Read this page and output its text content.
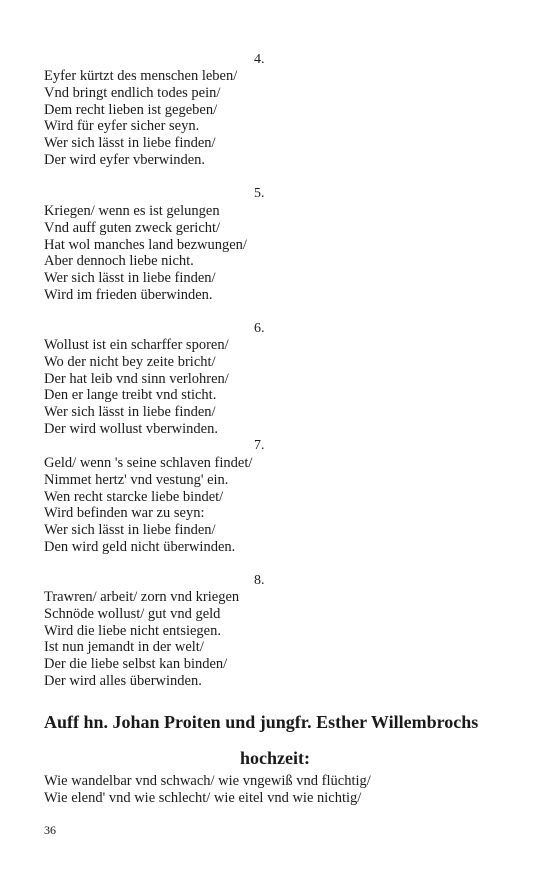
4.
Eyfer kürtzt des menschen leben/
Vnd bringt endlich todes pein/
Dem recht lieben ist gegeben/
Wird für eyfer sicher seyn.
Wer sich lässt in liebe finden/
Der wird eyfer vberwinden.
5.
Kriegen/ wenn es ist gelungen
Vnd auff guten zweck gericht/
Hat wol manches land bezwungen/
Aber dennoch liebe nicht.
Wer sich lässt in liebe finden/
Wird im frieden überwinden.
6.
Wollust ist ein scharffer sporen/
Wo der nicht bey zeite bricht/
Der hat leib vnd sinn verlohren/
Den er lange treibt vnd sticht.
Wer sich lässt in liebe finden/
Der wird wollust vberwinden.
7.
Geld/ wenn 's seine schlaven findet/
Nimmet hertz' vnd vestung' ein.
Wen recht starcke liebe bindet/
Wird befinden war zu seyn:
Wer sich lässt in liebe finden/
Den wird geld nicht überwinden.
8.
Trawren/ arbeit/ zorn vnd kriegen
Schnöde wollust/ gut vnd geld
Wird die liebe nicht entsiegen.
Ist nun jemandt in der welt/
Der die liebe selbst kan binden/
Der wird alles überwinden.
Auff hn. Johan Proiten und jungfr. Esther Willembrochs
hochzeit:
Wie wandelbar vnd schwach/ wie vngewiß vnd flüchtig/
Wie elend' vnd wie schlecht/ wie eitel vnd wie nichtig/
36
